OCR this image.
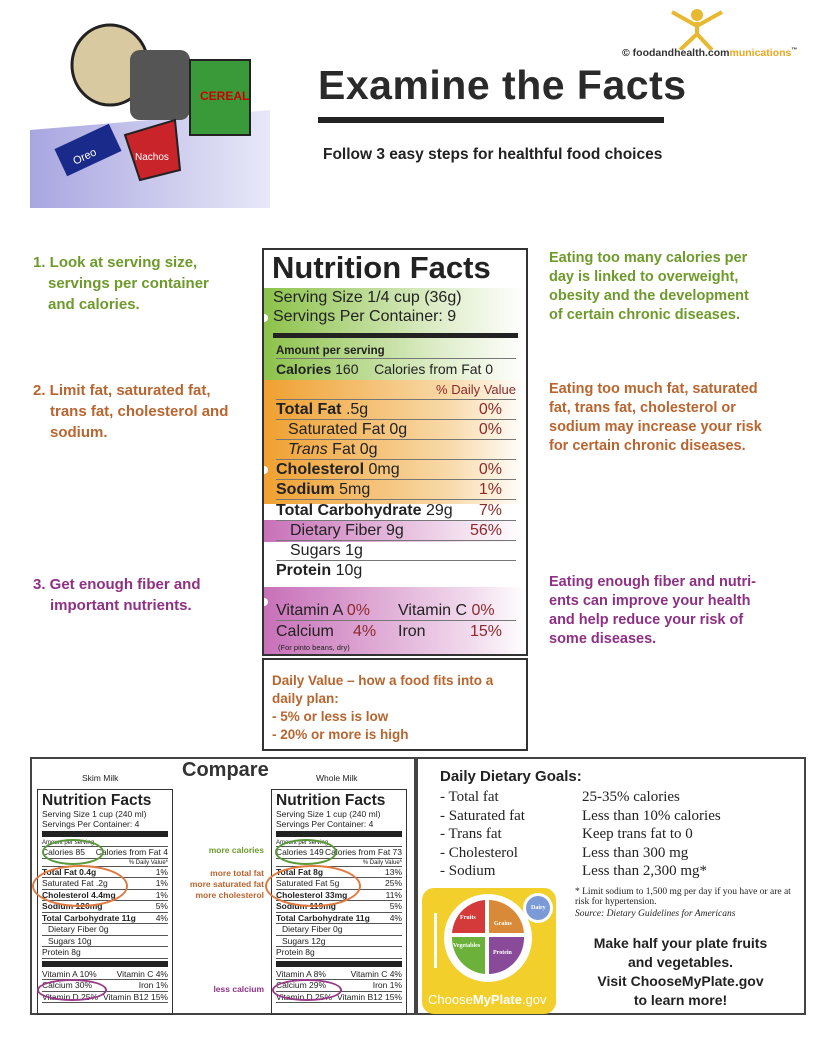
CEREAL
Oreo	Nachos
© foodandhealth.communications™
Examine the Facts
Follow 3 easy steps for healthful food choices
1. Look at serving size, servings per container and calories.
2. Limit fat, saturated fat, trans fat, cholesterol and sodium.
3. Get enough fiber and important nutrients.
Eating too many calories per day is linked to overweight, obesity and the development of certain chronic diseases.
Eating too much fat, saturated fat, trans fat, cholesterol or sodium may increase your risk for certain chronic diseases.
Eating enough fiber and nutri-ents can improve your health and help reduce your risk of some diseases.
Nutrition Facts
Serving Size 1/4 cup (36g)
Servings Per Container: 9
Amount per serving
Calories 160 Calories from Fat 0
% Daily Value
Total Fat .5g	0%
Saturated Fat 0g	0%
Trans Fat 0g
Cholesterol 0mg	0%
Sodium 5mg	1%
Total Carbohydrate 29g 7%
Dietary Fiber 9g	56%
Sugars 1g
Protein 10g
Vitamin A 0% Vitamin C 0%
Calcium 4% Iron	15%
(For pinto beans, dry)
Daily Value – how a food fits into a daily plan:
- 5% or less is low
- 20% or more is high
Compare
Skim Milk	Whole Milk
Nutrition Facts
Serving Size 1 cup (240 ml)
Servings Per Container: 4
Amount per serving
Calories 85 Calories from Fat 4
% Daily Value*
Total Fat 0.4g	1%
Saturated Fat .2g	1%
Cholesterol 4.4mg	1%
Sodium 126mg	5%
Total Carbohydrate 11g 4%
Dietary Fiber 0g
Sugars 10g
Protein 8g
Vitamin A 10% Vitamin C 4%
Calcium 30%	Iron 1%
Vitamin D 25% Vitamin B12 15%
Nutrition Facts
Serving Size 1 cup (240 ml)
Servings Per Container: 4
Amount per serving
Calories 149 Calories from Fat 73
% Daily Value*
Total Fat 8g	13%
Saturated Fat 5g	25%
Cholesterol 33mg	11%
Sodium 119mg	5%
Total Carbohydrate 11g 4%
Dietary Fiber 0g
Sugars 12g
Protein 8g
Vitamin A 8%	Vitamin C 4%
Calcium 29%	Iron 1%
Vitamin D 25% Vitamin B12 15%
more calories
more total fat
more saturated fat
more cholesterol
less calcium
Daily Dietary Goals:
- Total fat	25-35% calories
- Saturated fat	Less than 10% calories
- Trans fat	Keep trans fat to 0
- Cholesterol	Less than 300 mg
- Sodium	Less than 2,300 mg*
* Limit sodium to 1,500 mg per day if you have or are at risk for hypertension.
Source: Dietary Guidelines for Americans
Fruits
Grains
Vegetables
Protein
Dairy
ChooseMyPlate.gov
Make half your plate fruits
and vegetables.
Visit ChooseMyPlate.gov
to learn more!
